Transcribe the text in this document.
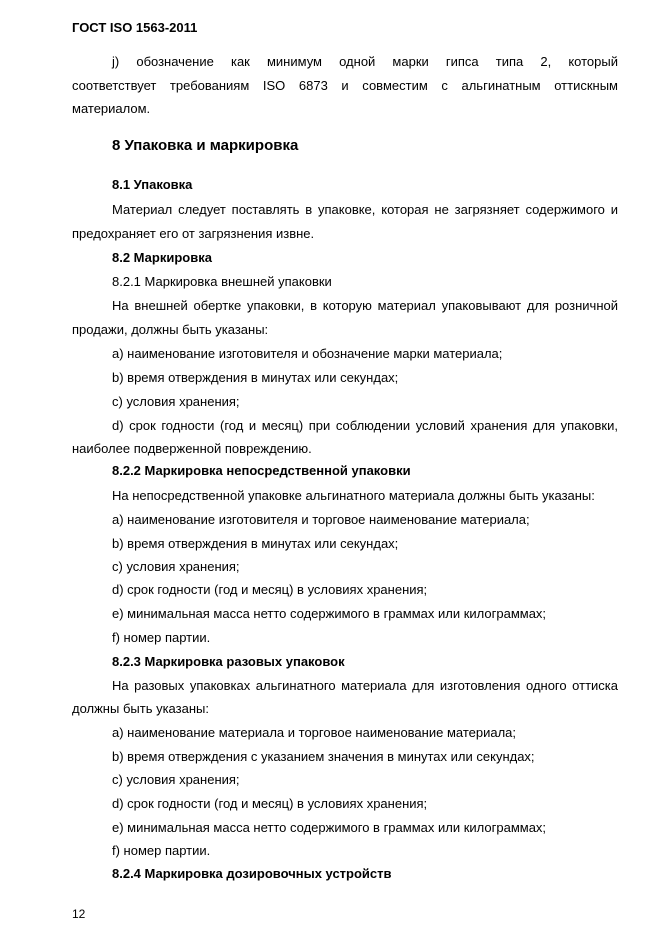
ГОСТ ISO 1563-2011
j) обозначение как минимум одной марки гипса типа 2, который
соответствует требованиям ISO 6873 и совместим с альгинатным оттискным
материалом.
8 Упаковка и маркировка
8.1 Упаковка
Материал следует поставлять в упаковке, которая не загрязняет содержимого и
предохраняет его от загрязнения извне.
8.2 Маркировка
8.2.1 Маркировка внешней упаковки
На внешней обертке упаковки, в которую материал упаковывают для розничной
продажи, должны быть указаны:
a) наименование изготовителя и обозначение марки материала;
b) время отверждения в минутах или секундах;
c) условия хранения;
d) срок годности (год и месяц) при соблюдении условий хранения для упаковки,
наиболее подверженной повреждению.
8.2.2 Маркировка непосредственной упаковки
На непосредственной упаковке альгинатного материала должны быть указаны:
a) наименование изготовителя и торговое наименование материала;
b) время отверждения в минутах или секундах;
c) условия хранения;
d) срок годности (год и месяц) в условиях хранения;
e) минимальная масса нетто содержимого в граммах или килограммах;
f) номер партии.
8.2.3 Маркировка разовых упаковок
На разовых упаковках альгинатного материала для изготовления одного оттиска
должны быть указаны:
a) наименование материала и торговое наименование материала;
b) время отверждения с указанием значения в минутах или секундах;
c) условия хранения;
d) срок годности (год и месяц) в условиях хранения;
e) минимальная масса нетто содержимого в граммах или килограммах;
f) номер партии.
8.2.4 Маркировка дозировочных устройств
12
